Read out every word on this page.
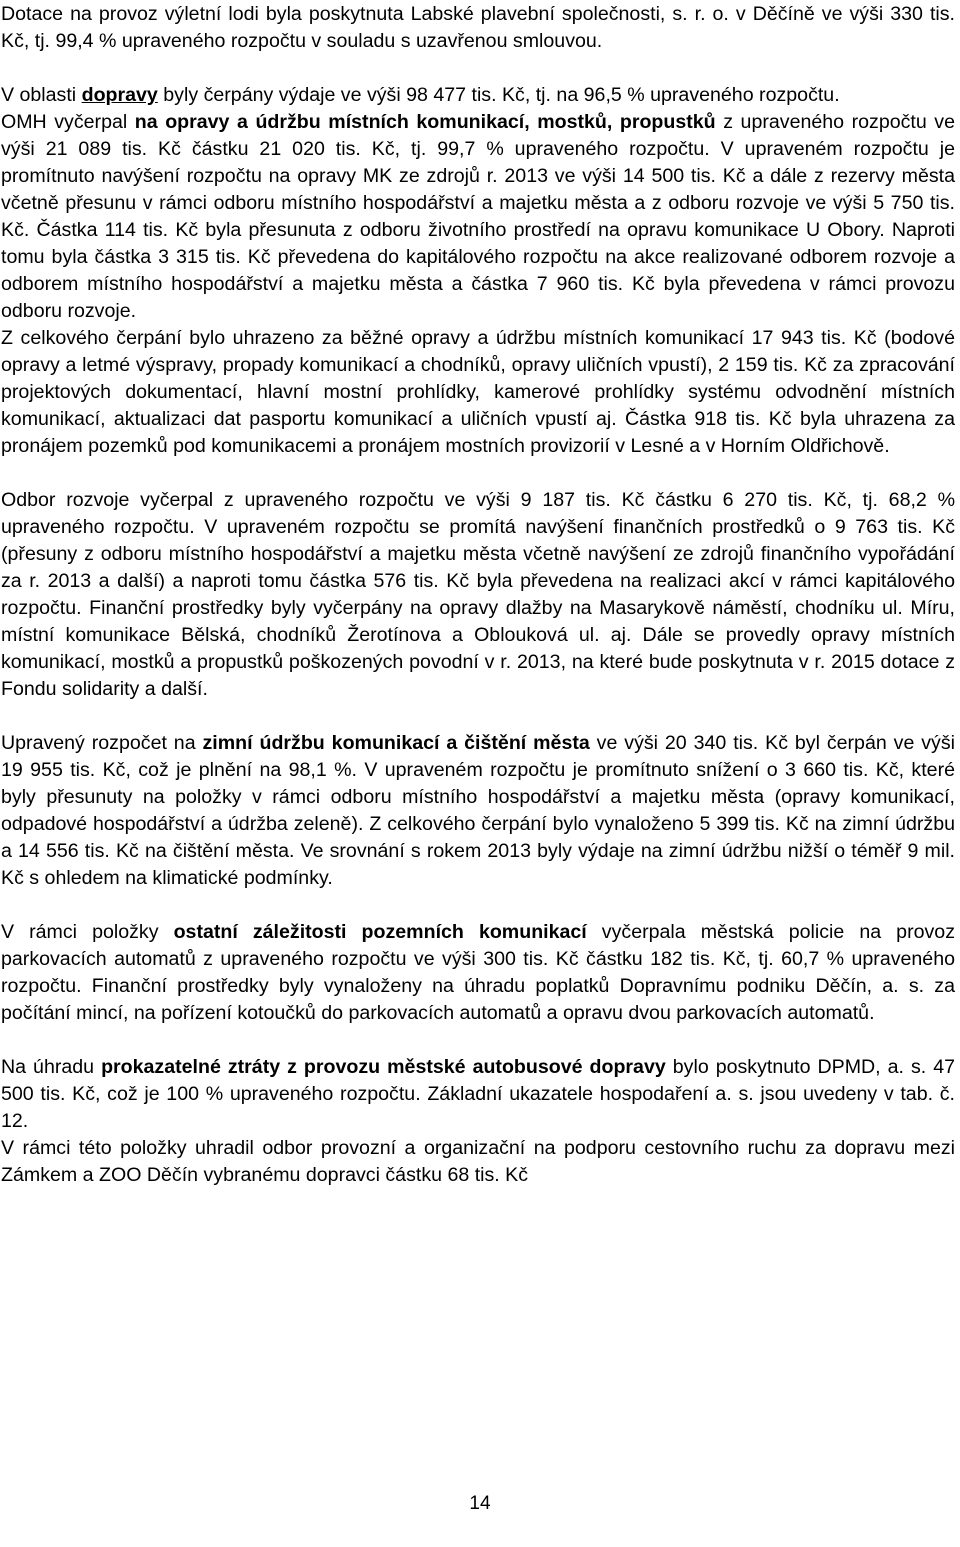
Dotace na provoz výletní lodi byla poskytnuta Labské plavební společnosti, s. r. o. v Děčíně ve výši 330 tis. Kč, tj. 99,4 % upraveného rozpočtu v souladu s uzavřenou smlouvou.

V oblasti dopravy byly čerpány výdaje ve výši 98 477 tis. Kč, tj. na 96,5 % upraveného rozpočtu.

OMH vyčerpal na opravy a údržbu místních komunikací, mostků, propustků z upraveného rozpočtu ve výši 21 089 tis. Kč částku 21 020 tis. Kč, tj. 99,7 % upraveného rozpočtu. V upraveném rozpočtu je promítnuto navýšení rozpočtu na opravy MK ze zdrojů r. 2013 ve výši 14 500 tis. Kč a dále z rezervy města včetně přesunu v rámci odboru místního hospodářství a majetku města a z odboru rozvoje ve výši 5 750 tis. Kč. Částka 114 tis. Kč byla přesunuta z odboru životního prostředí na opravu komunikace U Obory. Naproti tomu byla částka 3 315 tis. Kč převedena do kapitálového rozpočtu na akce realizované odborem rozvoje a odborem místního hospodářství a majetku města a částka 7 960 tis. Kč byla převedena v rámci provozu odboru rozvoje.

Z celkového čerpání bylo uhrazeno za běžné opravy a údržbu místních komunikací 17 943 tis. Kč (bodové opravy a letmé výspravy, propady komunikací a chodníků, opravy uličních vpustí), 2 159 tis. Kč za zpracování projektových dokumentací, hlavní mostní prohlídky, kamerové prohlídky systému odvodnění místních komunikací, aktualizaci dat pasportu komunikací a uličních vpustí aj. Částka 918 tis. Kč byla uhrazena za pronájem pozemků pod komunikacemi a pronájem mostních provizorií v Lesné a v Horním Oldřichově.

Odbor rozvoje vyčerpal z upraveného rozpočtu ve výši 9 187 tis. Kč částku 6 270 tis. Kč, tj. 68,2 % upraveného rozpočtu. V upraveném rozpočtu se promítá navýšení finančních prostředků o 9 763 tis. Kč (přesuny z odboru místního hospodářství a majetku města včetně navýšení ze zdrojů finančního vypořádání za r. 2013 a další) a naproti tomu částka 576 tis. Kč byla převedena na realizaci akcí v rámci kapitálového rozpočtu. Finanční prostředky byly vyčerpány na opravy dlažby na Masarykově náměstí, chodníku ul. Míru, místní komunikace Bělská, chodníků Žerotínova a Oblouková ul. aj. Dále se provedly opravy místních komunikací, mostků a propustků poškozených povodní v r. 2013, na které bude poskytnuta v r. 2015 dotace z Fondu solidarity a další.

Upravený rozpočet na zimní údržbu komunikací a čištění města ve výši 20 340 tis. Kč byl čerpán ve výši 19 955 tis. Kč, což je plnění na 98,1 %. V upraveném rozpočtu je promítnuto snížení o 3 660 tis. Kč, které byly přesunuty na položky v rámci odboru místního hospodářství a majetku města (opravy komunikací, odpadové hospodářství a údržba zeleně). Z celkového čerpání bylo vynaloženo 5 399 tis. Kč na zimní údržbu a 14 556 tis. Kč na čištění města. Ve srovnání s rokem 2013 byly výdaje na zimní údržbu nižší o téměř 9 mil. Kč s ohledem na klimatické podmínky.

V rámci položky ostatní záležitosti pozemních komunikací vyčerpala městská policie na provoz parkovacích automatů z upraveného rozpočtu ve výši 300 tis. Kč částku 182 tis. Kč, tj. 60,7 % upraveného rozpočtu. Finanční prostředky byly vynaloženy na úhradu poplatků Dopravnímu podniku Děčín, a. s. za počítání mincí, na pořízení kotoučků do parkovacích automatů a opravu dvou parkovacích automatů.

Na úhradu prokazatelné ztráty z provozu městské autobusové dopravy bylo poskytnuto DPMD, a. s. 47 500 tis. Kč, což je 100 % upraveného rozpočtu. Základní ukazatele hospodaření a. s. jsou uvedeny v tab. č. 12.

V rámci této položky uhradil odbor provozní a organizační na podporu cestovního ruchu za dopravu mezi Zámkem a ZOO Děčín vybranému dopravci částku 68 tis. Kč

14
